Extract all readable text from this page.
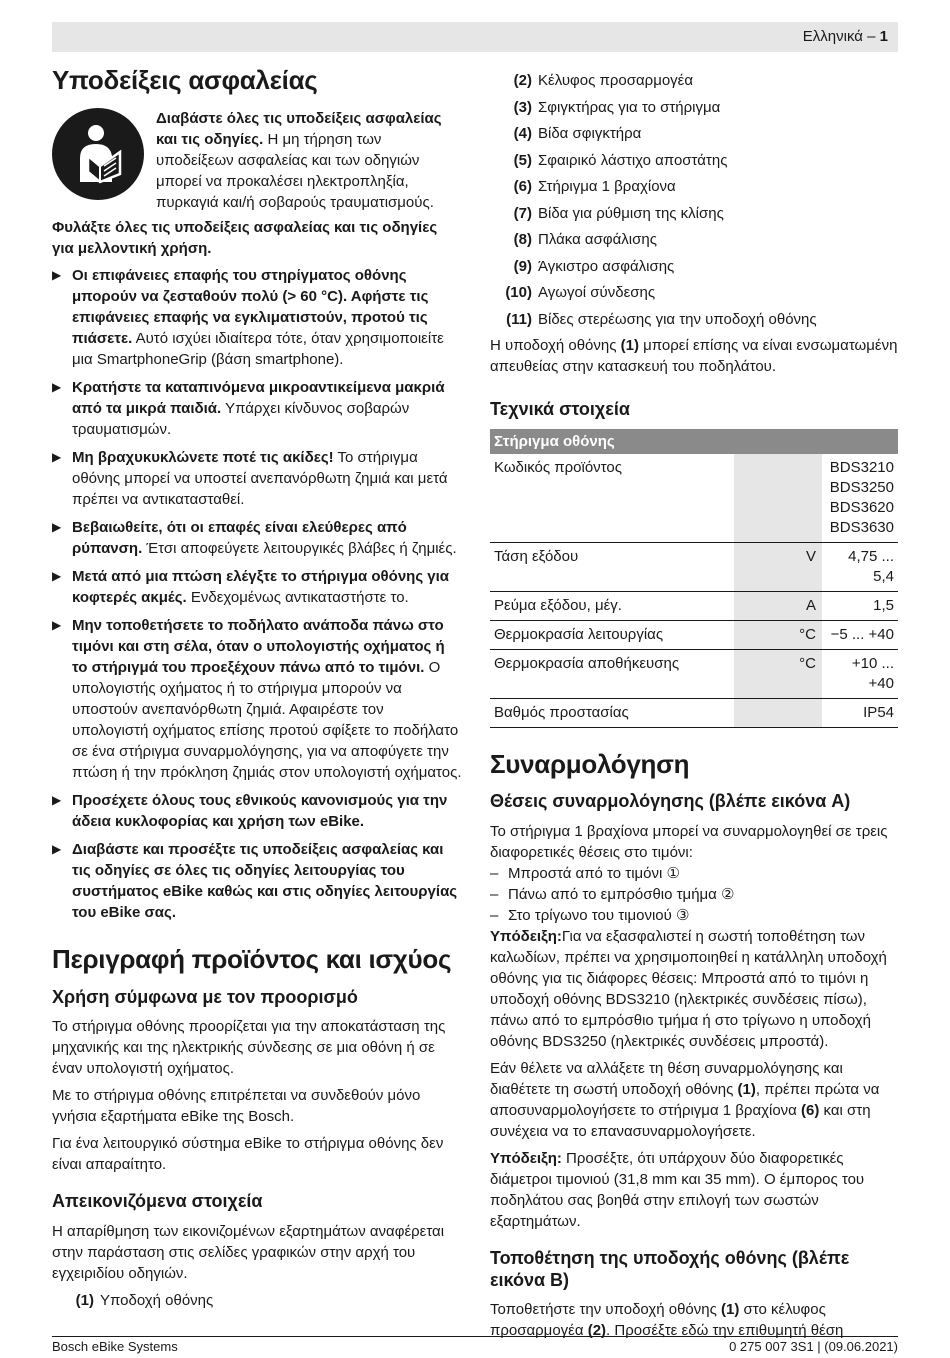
Ελληνικά – 1
Υποδείξεις ασφαλείας
Διαβάστε όλες τις υποδείξεις ασφαλείας και τις οδηγίες. Η μη τήρηση των υποδείξεων ασφαλείας και των οδηγιών μπορεί να προκαλέσει ηλεκτροπληξία, πυρκαγιά και/ή σοβαρούς τραυματισμούς.

Φυλάξτε όλες τις υποδείξεις ασφαλείας και τις οδηγίες για μελλοντική χρήση.

▶ Οι επιφάνειες επαφής του στηρίγματος οθόνης μπορούν να ζεσταθούν πολύ (> 60 °C). Αφήστε τις επιφάνειες επαφής να εγκλιματιστούν, προτού τις πιάσετε. Αυτό ισχύει ιδιαίτερα τότε, όταν χρησιμοποιείτε μια SmartphoneGrip (βάση smartphone).
▶ Κρατήστε τα καταπινόμενα μικροαντικείμενα μακριά από τα μικρά παιδιά. Υπάρχει κίνδυνος σοβαρών τραυματισμών.
▶ Μη βραχυκυκλώνετε ποτέ τις ακίδες! Το στήριγμα οθόνης μπορεί να υποστεί ανεπανόρθωτη ζημιά και μετά πρέπει να αντικατασταθεί.
▶ Βεβαιωθείτε, ότι οι επαφές είναι ελεύθερες από ρύπανση. Έτσι αποφεύγετε λειτουργικές βλάβες ή ζημιές.
▶ Μετά από μια πτώση ελέγξτε το στήριγμα οθόνης για κοφτερές ακμές. Ενδεχομένως αντικαταστήστε το.
▶ Μην τοποθετήσετε το ποδήλατο ανάποδα πάνω στο τιμόνι και στη σέλα, όταν ο υπολογιστής οχήματος ή το στήριγμά του προεξέχουν πάνω από το τιμόνι. Ο υπολογιστής οχήματος ή το στήριγμα μπορούν να υποστούν ανεπανόρθωτη ζημιά. Αφαιρέστε τον υπολογιστή οχήματος επίσης προτού σφίξετε το ποδήλατο σε ένα στήριγμα συναρμολόγησης, για να αποφύγετε την πτώση ή την πρόκληση ζημιάς στον υπολογιστή οχήματος.
▶ Προσέχετε όλους τους εθνικούς κανονισμούς για την άδεια κυκλοφορίας και χρήση των eBike.
▶ Διαβάστε και προσέξτε τις υποδείξεις ασφαλείας και τις οδηγίες σε όλες τις οδηγίες λειτουργίας του συστήματος eBike καθώς και στις οδηγίες λειτουργίας του eBike σας.
Περιγραφή προϊόντος και ισχύος
Χρήση σύμφωνα με τον προορισμό

Το στήριγμα οθόνης προορίζεται για την αποκατάσταση της μηχανικής και της ηλεκτρικής σύνδεσης σε μια οθόνη ή σε έναν υπολογιστή οχήματος.

Με το στήριγμα οθόνης επιτρέπεται να συνδεθούν μόνο γνήσια εξαρτήματα eBike της Bosch.

Για ένα λειτουργικό σύστημα eBike το στήριγμα οθόνης δεν είναι απαραίτητο.

Απεικονιζόμενα στοιχεία

Η απαρίθμηση των εικονιζομένων εξαρτημάτων αναφέρεται στην παράσταση στις σελίδες γραφικών στην αρχή του εγχειριδίου οδηγιών.

(1) Υποδοχή οθόνης
(2) Κέλυφος προσαρμογέα
(3) Σφιγκτήρας για το στήριγμα
(4) Βίδα σφιγκτήρα
(5) Σφαιρικό λάστιχο αποστάτης
(6) Στήριγμα 1 βραχίονα
(7) Βίδα για ρύθμιση της κλίσης
(8) Πλάκα ασφάλισης
(9) Άγκιστρο ασφάλισης
(10) Αγωγοί σύνδεσης
(11) Βίδες στερέωσης για την υποδοχή οθόνης

Η υποδοχή οθόνης (1) μπορεί επίσης να είναι ενσωματωμένη απευθείας στην κατασκευή του ποδηλάτου.

Τεχνικά στοιχεία
Στήριγμα οθόνης		
Κωδικός προϊόντος		BDS3210
BDS3250
BDS3620
BDS3630

Τάση εξόδου	V	4,75 ... 5,4
Ρεύμα εξόδου, μέγ.	A	1,5
Θερμοκρασία λειτουργίας	°C	−5 ... +40
Θερμοκρασία αποθήκευσης	°C	+10 ... +40
Βαθμός προστασίας		IP54
Συναρμολόγηση
Θέσεις συναρμολόγησης (βλέπε εικόνα A)

Το στήριγμα 1 βραχίονα μπορεί να συναρμολογηθεί σε τρεις διαφορετικές θέσεις στο τιμόνι:

– Μπροστά από το τιμόνι ①
– Πάνω από το εμπρόσθιο τμήμα ②
– Στο τρίγωνο του τιμονιού ③

Υπόδειξη:Για να εξασφαλιστεί η σωστή τοποθέτηση των καλωδίων, πρέπει να χρησιμοποιηθεί η κατάλληλη υποδοχή οθόνης για τις διάφορες θέσεις: Μπροστά από το τιμόνι η υποδοχή οθόνης BDS3210 (ηλεκτρικές συνδέσεις πίσω), πάνω από το εμπρόσθιο τμήμα ή στο τρίγωνο η υποδοχή οθόνης BDS3250 (ηλεκτρικές συνδέσεις μπροστά).

Εάν θέλετε να αλλάξετε τη θέση συναρμολόγησης και διαθέτετε τη σωστή υποδοχή οθόνης (1), πρέπει πρώτα να αποσυναρμολογήσετε το στήριγμα 1 βραχίονα (6) και στη συνέχεια να το επανασυναρμολογήσετε.

Υπόδειξη: Προσέξτε, ότι υπάρχουν δύο διαφορετικές διάμετροι τιμονιού (31,8 mm και 35 mm). Ο έμπορος του ποδηλάτου σας βοηθά στην επιλογή των σωστών εξαρτημάτων.

Τοποθέτηση της υποδοχής οθόνης (βλέπε εικόνα B)

Τοποθετήστε την υποδοχή οθόνης (1) στο κέλυφος προσαρμογέα (2). Προσέξτε εδώ την επιθυμητή θέση

Bosch eBike Systems	0 275 007 3S1 | (09.06.2021)
